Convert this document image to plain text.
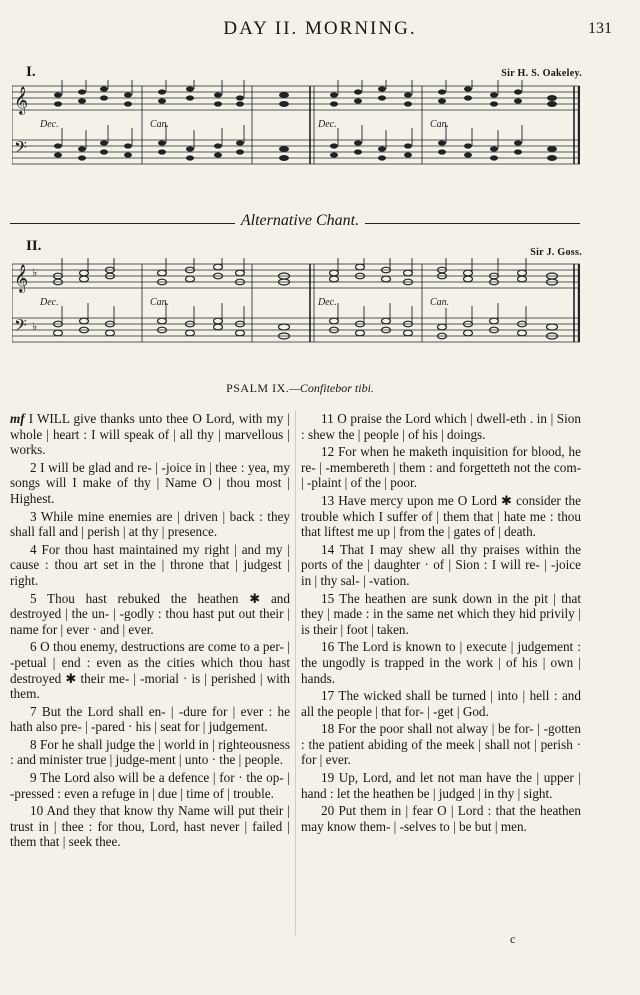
DAY II. MORNING.	131
I.	Sir H. S. Oakeley.
𝄞
𝄢
Dec.	Can.	Dec.	Can.
Alternative Chant.
II.	Sir J. Goss.
𝄞
𝄢
♭
♭
Dec.	Can.	Dec.	Can.
PSALM IX.—Confitebor tibi.

mf I WILL give thanks unto thee O Lord, with my | whole | heart : I will speak of | all thy | marvellous | works.

2 I will be glad and re- | -joice in | thee : yea, my songs will I make of thy | Name O | thou most | Highest.

3 While mine enemies are | driven | back : they shall fall and | perish | at thy | presence.

4 For thou hast maintained my right | and my | cause : thou art set in the | throne that | judgest | right.

5 Thou hast rebuked the heathen ✱ and destroyed | the un- | -godly : thou hast put out their | name for | ever · and | ever.

6 O thou enemy, destructions are come to a per- | -petual | end : even as the cities which thou hast destroyed ✱ their me- | -morial · is | perished | with them.

7 But the Lord shall en- | -dure for | ever : he hath also pre- | -pared · his | seat for | judgement.

8 For he shall judge the | world in | righteousness : and minister true | judge-ment | unto · the | people.

9 The Lord also will be a defence | for · the op- | -pressed : even a refuge in | due | time of | trouble.

10 And they that know thy Name will put their | trust in | thee : for thou, Lord, hast never | failed | them that | seek thee.

11 O praise the Lord which | dwell-eth . in | Sion : shew the | people | of his | doings.

12 For when he maketh inquisition for blood, he re- | -membereth | them : and forgetteth not the com- | -plaint | of the | poor.

13 Have mercy upon me O Lord ✱ consider the trouble which I suffer of | them that | hate me : thou that liftest me up | from the | gates of | death.

14 That I may shew all thy praises within the ports of the | daughter · of | Sion : I will re- | -joice in | thy sal- | -vation.

15 The heathen are sunk down in the pit | that they | made : in the same net which they hid privily | is their | foot | taken.

16 The Lord is known to | execute | judgement : the ungodly is trapped in the work | of his | own | hands.

17 The wicked shall be turned | into | hell : and all the people | that for- | -get | God.

18 For the poor shall not alway | be for- | -gotten : the patient abiding of the meek | shall not | perish · for | ever.

19 Up, Lord, and let not man have the | upper | hand : let the heathen be | judged | in thy | sight.

20 Put them in | fear O | Lord : that the heathen may know them- | -selves to | be but | men.

c
